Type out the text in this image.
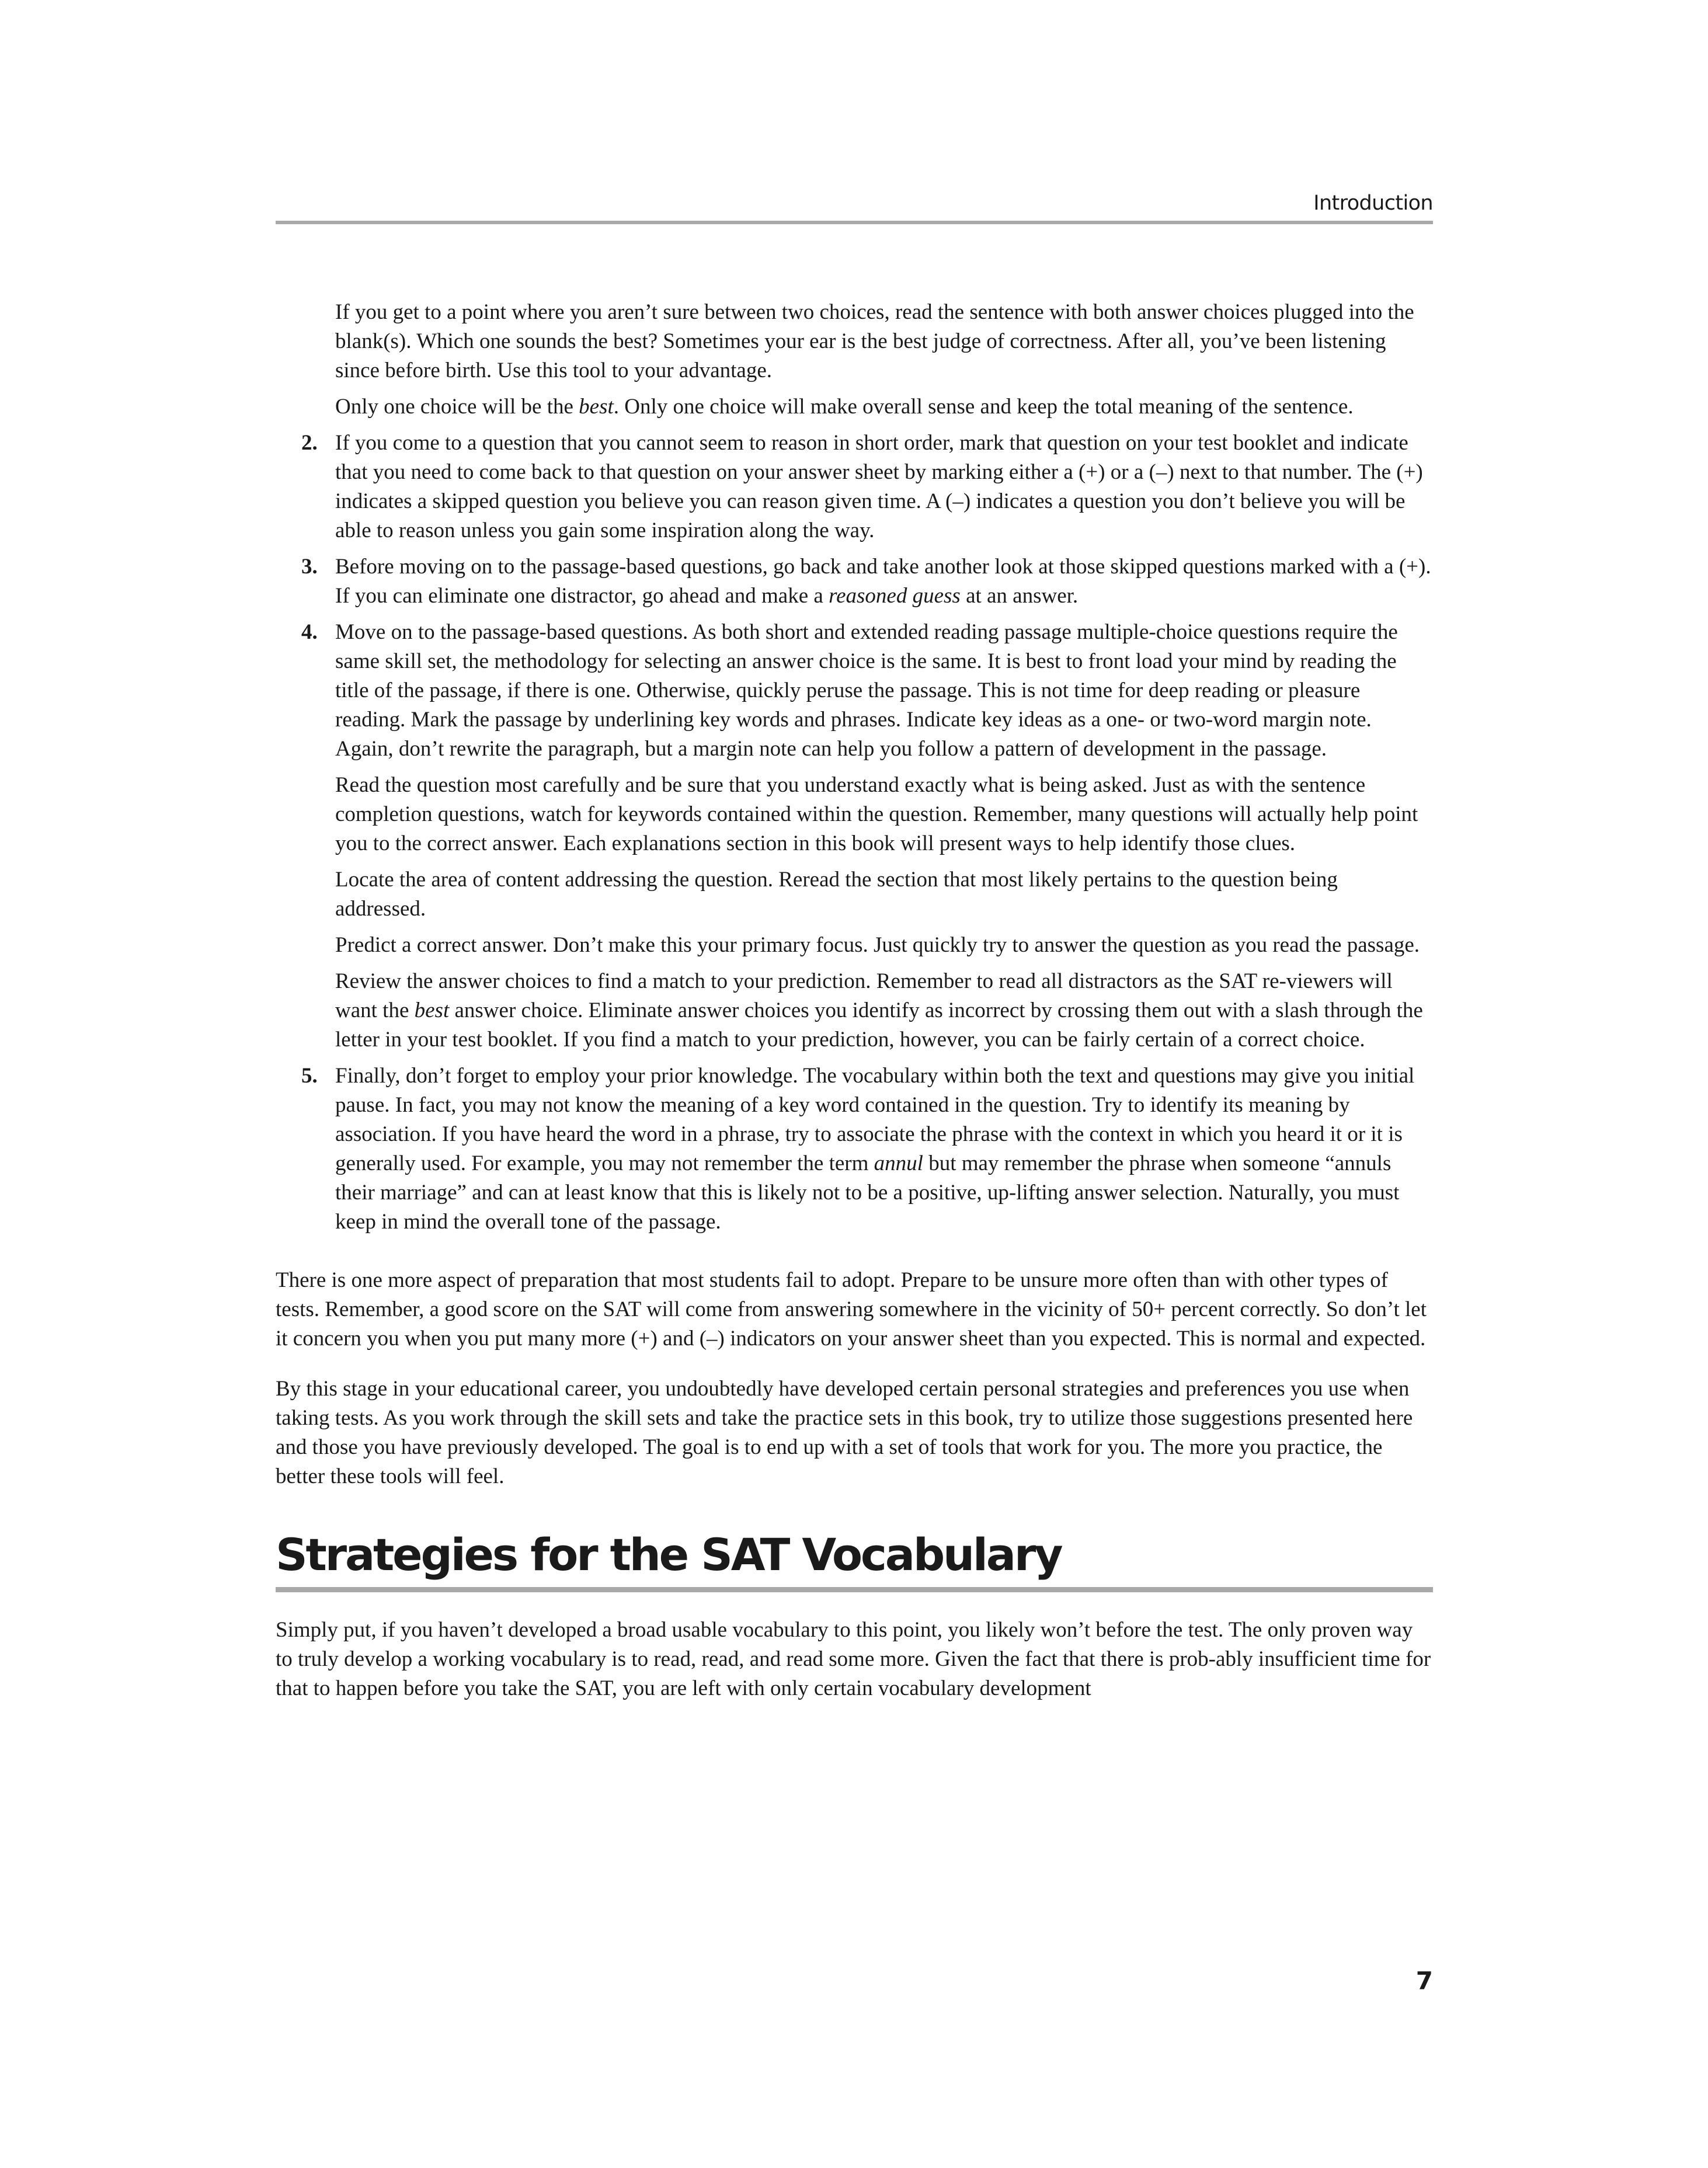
Introduction

If you get to a point where you aren’t sure between two choices, read the sentence with both answer choices plugged into the blank(s). Which one sounds the best? Sometimes your ear is the best judge of correctness. After all, you’ve been listening since before birth. Use this tool to your advantage.

Only one choice will be the best. Only one choice will make overall sense and keep the total meaning of the sentence.

2. If you come to a question that you cannot seem to reason in short order, mark that question on your test booklet and indicate that you need to come back to that question on your answer sheet by marking either a (+) or a (–) next to that number. The (+) indicates a skipped question you believe you can reason given time. A (–) indicates a question you don’t believe you will be able to reason unless you gain some inspiration along the way.

3. Before moving on to the passage-based questions, go back and take another look at those skipped questions marked with a (+). If you can eliminate one distractor, go ahead and make a reasoned guess at an answer.

4. Move on to the passage-based questions. As both short and extended reading passage multiple-choice questions require the same skill set, the methodology for selecting an answer choice is the same. It is best to front load your mind by reading the title of the passage, if there is one. Otherwise, quickly peruse the passage. This is not time for deep reading or pleasure reading. Mark the passage by underlining key words and phrases. Indicate key ideas as a one- or two-word margin note. Again, don’t rewrite the paragraph, but a margin note can help you follow a pattern of development in the passage.

Read the question most carefully and be sure that you understand exactly what is being asked. Just as with the sentence completion questions, watch for keywords contained within the question. Remember, many questions will actually help point you to the correct answer. Each explanations section in this book will present ways to help identify those clues.

Locate the area of content addressing the question. Reread the section that most likely pertains to the question being addressed.

Predict a correct answer. Don’t make this your primary focus. Just quickly try to answer the question as you read the passage.

Review the answer choices to find a match to your prediction. Remember to read all distractors as the SAT re-viewers will want the best answer choice. Eliminate answer choices you identify as incorrect by crossing them out with a slash through the letter in your test booklet. If you find a match to your prediction, however, you can be fairly certain of a correct choice.

5. Finally, don’t forget to employ your prior knowledge. The vocabulary within both the text and questions may give you initial pause. In fact, you may not know the meaning of a key word contained in the question. Try to identify its meaning by association. If you have heard the word in a phrase, try to associate the phrase with the context in which you heard it or it is generally used. For example, you may not remember the term annul but may remember the phrase when someone “annuls their marriage” and can at least know that this is likely not to be a positive, up-lifting answer selection. Naturally, you must keep in mind the overall tone of the passage.

There is one more aspect of preparation that most students fail to adopt. Prepare to be unsure more often than with other types of tests. Remember, a good score on the SAT will come from answering somewhere in the vicinity of 50+ percent correctly. So don’t let it concern you when you put many more (+) and (–) indicators on your answer sheet than you expected. This is normal and expected.

By this stage in your educational career, you undoubtedly have developed certain personal strategies and preferences you use when taking tests. As you work through the skill sets and take the practice sets in this book, try to utilize those suggestions presented here and those you have previously developed. The goal is to end up with a set of tools that work for you. The more you practice, the better these tools will feel.

Strategies for the SAT Vocabulary

Simply put, if you haven’t developed a broad usable vocabulary to this point, you likely won’t before the test. The only proven way to truly develop a working vocabulary is to read, read, and read some more. Given the fact that there is prob-ably insufficient time for that to happen before you take the SAT, you are left with only certain vocabulary development

7
